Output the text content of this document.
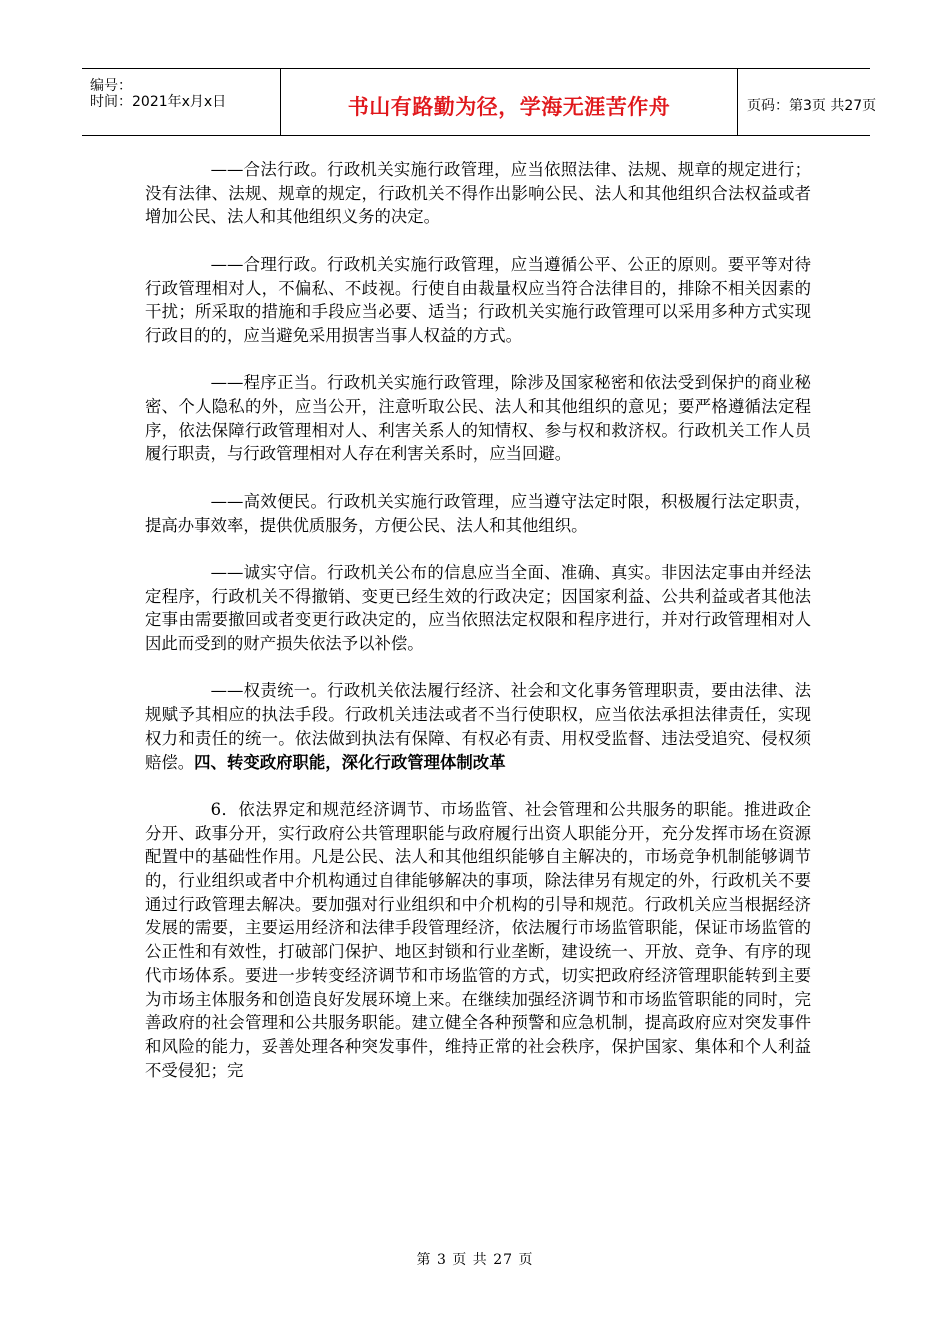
编号：
时间：2021年x月x日	书山有路勤为径，学海无涯苦作舟	页码：第3页 共27页

——合法行政。行政机关实施行政管理，应当依照法律、法规、规章的规定进行；没有法律、法规、规章的规定，行政机关不得作出影响公民、法人和其他组织合法权益或者增加公民、法人和其他组织义务的决定。

——合理行政。行政机关实施行政管理，应当遵循公平、公正的原则。要平等对待行政管理相对人，不偏私、不歧视。行使自由裁量权应当符合法律目的，排除不相关因素的干扰；所采取的措施和手段应当必要、适当；行政机关实施行政管理可以采用多种方式实现行政目的的，应当避免采用损害当事人权益的方式。

——程序正当。行政机关实施行政管理，除涉及国家秘密和依法受到保护的商业秘密、个人隐私的外，应当公开，注意听取公民、法人和其他组织的意见；要严格遵循法定程序，依法保障行政管理相对人、利害关系人的知情权、参与权和救济权。行政机关工作人员履行职责，与行政管理相对人存在利害关系时，应当回避。

——高效便民。行政机关实施行政管理，应当遵守法定时限，积极履行法定职责，提高办事效率，提供优质服务，方便公民、法人和其他组织。

——诚实守信。行政机关公布的信息应当全面、准确、真实。非因法定事由并经法定程序，行政机关不得撤销、变更已经生效的行政决定；因国家利益、公共利益或者其他法定事由需要撤回或者变更行政决定的，应当依照法定权限和程序进行，并对行政管理相对人因此而受到的财产损失依法予以补偿。

——权责统一。行政机关依法履行经济、社会和文化事务管理职责，要由法律、法规赋予其相应的执法手段。行政机关违法或者不当行使职权，应当依法承担法律责任，实现权力和责任的统一。依法做到执法有保障、有权必有责、用权受监督、违法受追究、侵权须赔偿。四、转变政府职能，深化行政管理体制改革

6．依法界定和规范经济调节、市场监管、社会管理和公共服务的职能。推进政企分开、政事分开，实行政府公共管理职能与政府履行出资人职能分开，充分发挥市场在资源配置中的基础性作用。凡是公民、法人和其他组织能够自主解决的，市场竞争机制能够调节的，行业组织或者中介机构通过自律能够解决的事项，除法律另有规定的外，行政机关不要通过行政管理去解决。要加强对行业组织和中介机构的引导和规范。行政机关应当根据经济发展的需要，主要运用经济和法律手段管理经济，依法履行市场监管职能，保证市场监管的公正性和有效性，打破部门保护、地区封锁和行业垄断，建设统一、开放、竞争、有序的现代市场体系。要进一步转变经济调节和市场监管的方式，切实把政府经济管理职能转到主要为市场主体服务和创造良好发展环境上来。在继续加强经济调节和市场监管职能的同时，完善政府的社会管理和公共服务职能。建立健全各种预警和应急机制，提高政府应对突发事件和风险的能力，妥善处理各种突发事件，维持正常的社会秩序，保护国家、集体和个人利益不受侵犯；完

第 3 页 共 27 页
